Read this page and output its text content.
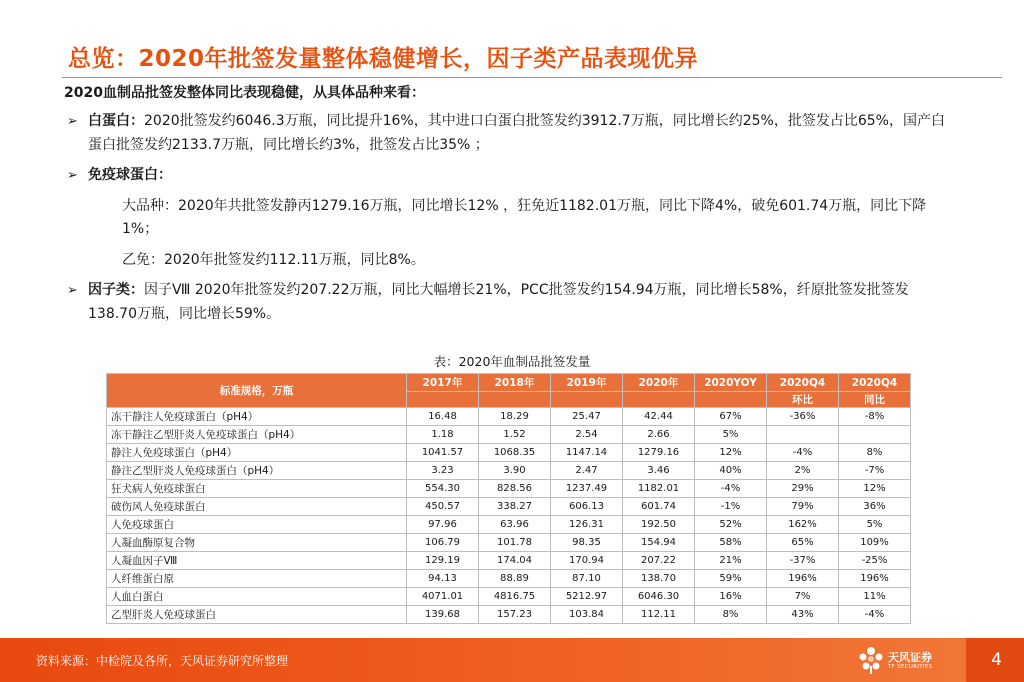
总览：2020年批签发量整体稳健增长，因子类产品表现优异
2020血制品批签发整体同比表现稳健，从具体品种来看：
➢ 白蛋白：2020批签发约6046.3万瓶，同比提升16%，其中进口白蛋白批签发约3912.7万瓶，同比增长约25%，批签发占比65%，国产白蛋白批签发约2133.7万瓶，同比增长约3%，批签发占比35% ；
➢ 免疫球蛋白：
大品种：2020年共批签发静丙1279.16万瓶，同比增长12% ，狂免近1182.01万瓶，同比下降4%，破免601.74万瓶，同比下降1%；
乙免：2020年批签发约112.11万瓶，同比8%。
➢ 因子类：因子Ⅷ 2020年批签发约207.22万瓶，同比大幅增长21%，PCC批签发约154.94万瓶，同比增长58%，纤原批签发批签发138.70万瓶，同比增长59%。
表：2020年血制品批签发量
标准规格，万瓶	2017年	2018年	2019年	2020年	2020YOY	2020Q4	2020Q4
						环比	同比
冻干静注人免疫球蛋白（pH4）	16.48	18.29	25.47	42.44	67%	-36%	-8%
冻干静注乙型肝炎人免疫球蛋白（pH4）	1.18	1.52	2.54	2.66	5%		
静注人免疫球蛋白（pH4）	1041.57	1068.35	1147.14	1279.16	12%	-4%	8%
静注乙型肝炎人免疫球蛋白（pH4）	3.23	3.90	2.47	3.46	40%	2%	-7%
狂犬病人免疫球蛋白	554.30	828.56	1237.49	1182.01	-4%	29%	12%
破伤风人免疫球蛋白	450.57	338.27	606.13	601.74	-1%	79%	36%
人免疫球蛋白	97.96	63.96	126.31	192.50	52%	162%	5%
人凝血酶原复合物	106.79	101.78	98.35	154.94	58%	65%	109%
人凝血因子Ⅷ	129.19	174.04	170.94	207.22	21%	-37%	-25%
人纤维蛋白原	94.13	88.89	87.10	138.70	59%	196%	196%
人血白蛋白	4071.01	4816.75	5212.97	6046.30	16%	7%	11%
乙型肝炎人免疫球蛋白	139.68	157.23	103.84	112.11	8%	43%	-4%
资料来源：中检院及各所，天风证券研究所整理	天风证券
TF SECURITIES	4
